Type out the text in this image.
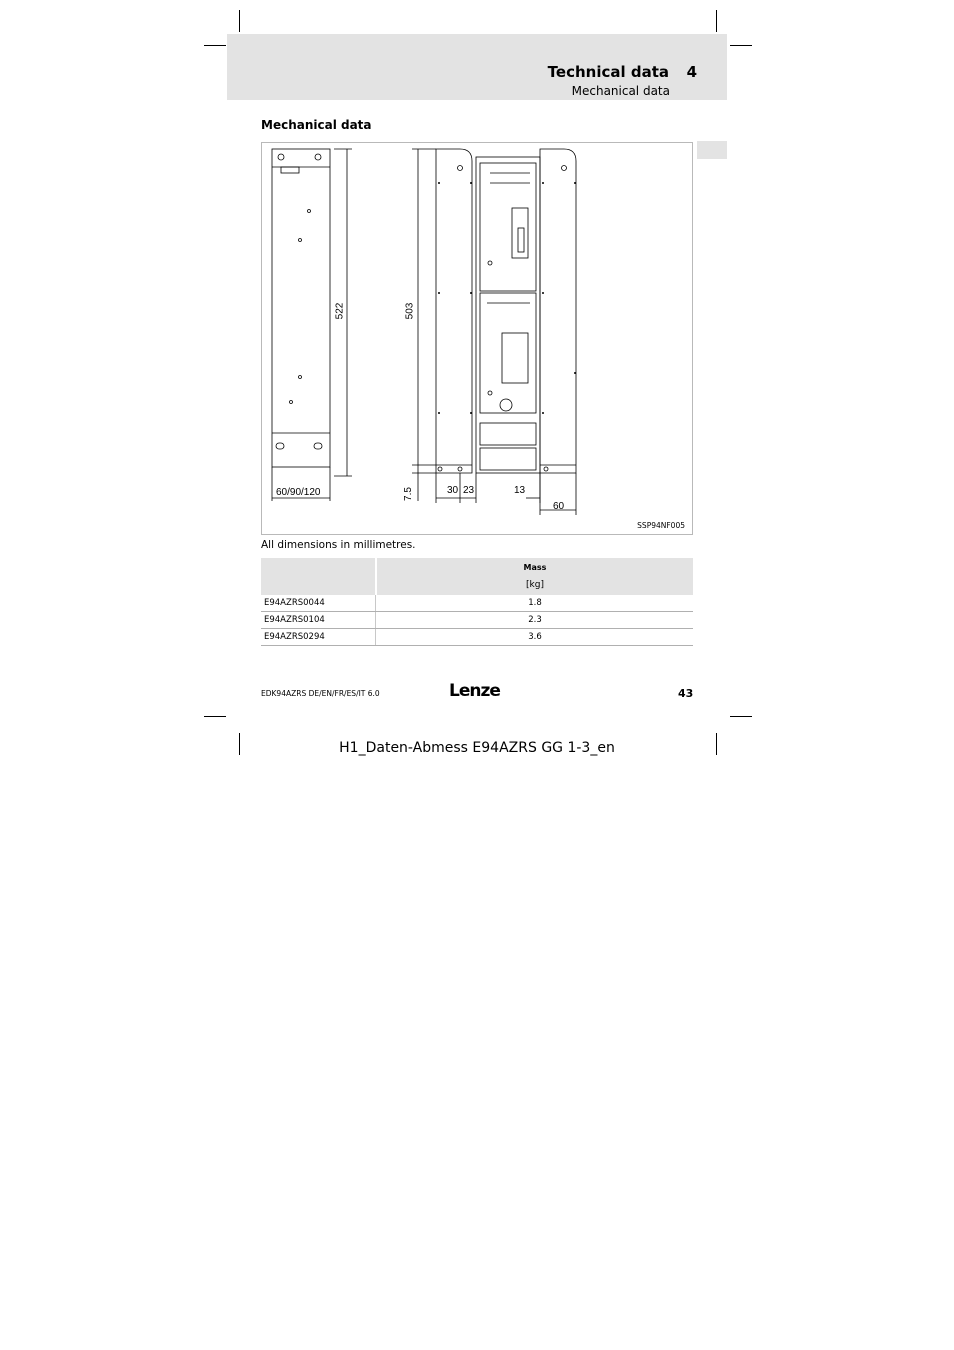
Technical data 4
Mechanical data
Mechanical data
522	503
60/90/120	7.5	30 23	13
60
SSP94NF005
All dimensions in millimetres.

		Mass
[kg]

E94AZRS0044		1.8
E94AZRS0104		2.3
E94AZRS0294		3.6
EDK94AZRS DE/EN/FR/ES/IT 6.0	Lenze	43
H1_Daten-Abmess E94AZRS GG 1-3_en
